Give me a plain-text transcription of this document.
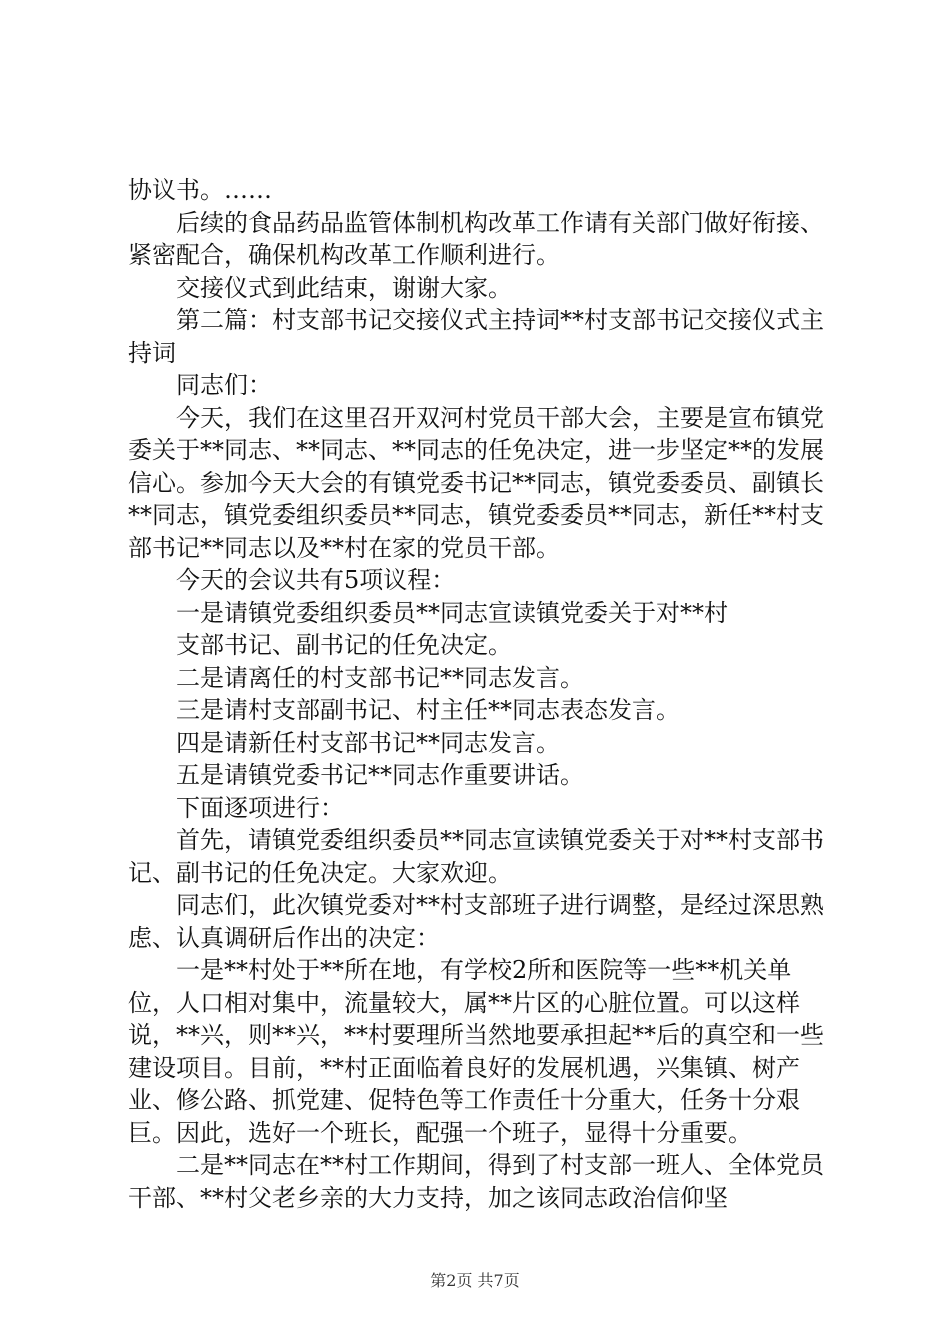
协议书。……

后续的食品药品监管体制机构改革工作请有关部门做好衔接、紧密配合，确保机构改革工作顺利进行。

交接仪式到此结束，谢谢大家。

第二篇：村支部书记交接仪式主持词**村支部书记交接仪式主持词

同志们：

今天，我们在这里召开双河村党员干部大会，主要是宣布镇党委关于**同志、**同志、**同志的任免决定，进一步坚定**的发展信心。参加今天大会的有镇党委书记**同志，镇党委委员、副镇长**同志，镇党委组织委员**同志，镇党委委员**同志，新任**村支部书记**同志以及**村在家的党员干部。

今天的会议共有5项议程：

一是请镇党委组织委员**同志宣读镇党委关于对**村

支部书记、副书记的任免决定。

二是请离任的村支部书记**同志发言。

三是请村支部副书记、村主任**同志表态发言。

四是请新任村支部书记**同志发言。

五是请镇党委书记**同志作重要讲话。

下面逐项进行：

首先，请镇党委组织委员**同志宣读镇党委关于对**村支部书记、副书记的任免决定。大家欢迎。

同志们，此次镇党委对**村支部班子进行调整，是经过深思熟虑、认真调研后作出的决定：

一是**村处于**所在地，有学校2所和医院等一些**机关单位，人口相对集中，流量较大，属**片区的心脏位置。可以这样说，**兴，则**兴，**村要理所当然地要承担起**后的真空和一些建设项目。目前，**村正面临着良好的发展机遇，兴集镇、树产业、修公路、抓党建、促特色等工作责任十分重大，任务十分艰巨。因此，选好一个班长，配强一个班子，显得十分重要。

二是**同志在**村工作期间，得到了村支部一班人、全体党员干部、**村父老乡亲的大力支持，加之该同志政治信仰坚

第2页 共7页
